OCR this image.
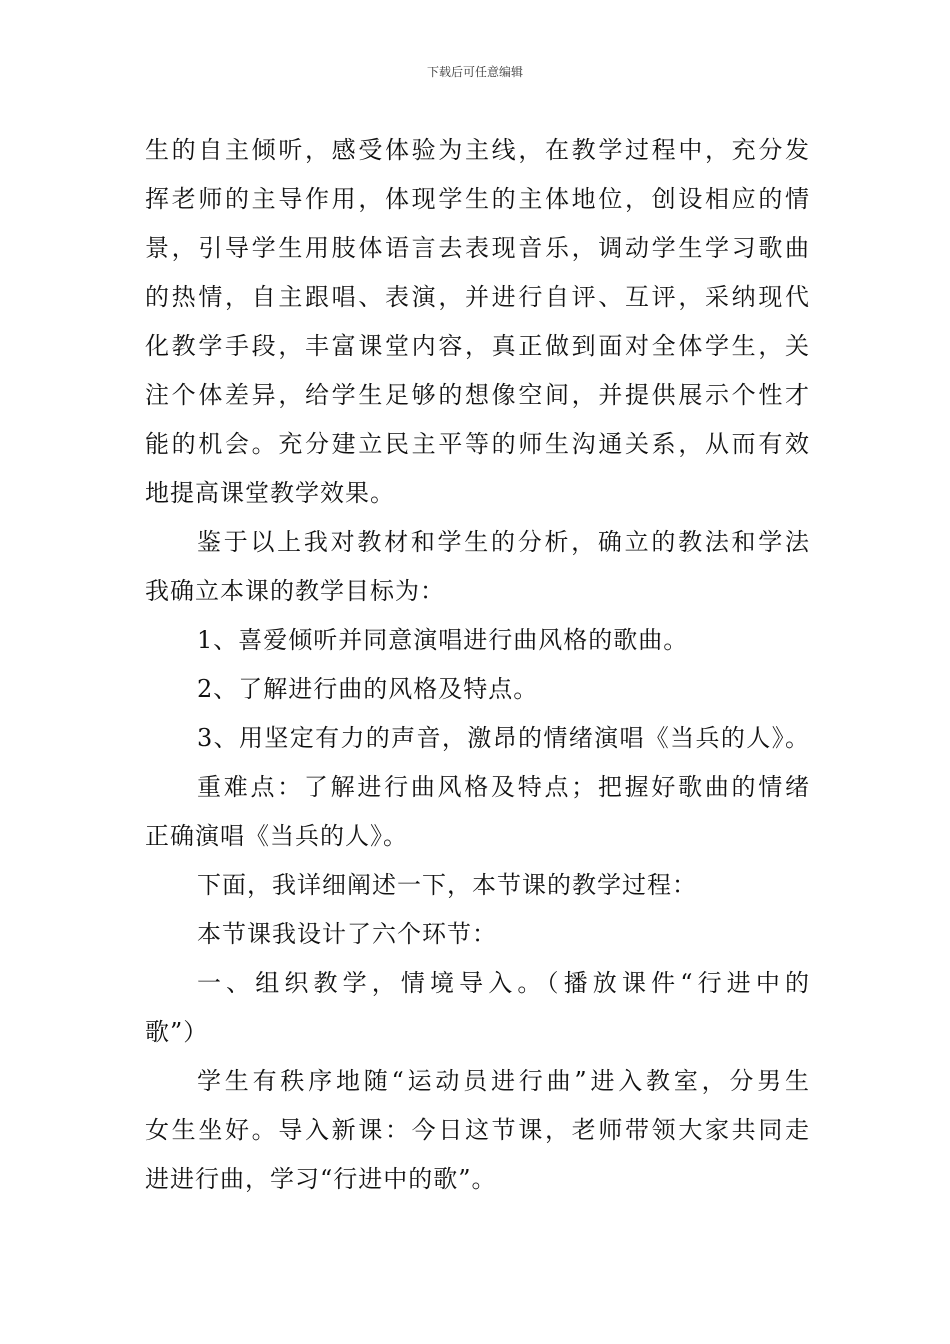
下载后可任意编辑
生的自主倾听，感受体验为主线，在教学过程中，充分发
挥老师的主导作用，体现学生的主体地位，创设相应的情
景，引导学生用肢体语言去表现音乐，调动学生学习歌曲
的热情，自主跟唱、表演，并进行自评、互评，采纳现代
化教学手段，丰富课堂内容，真正做到面对全体学生，关
注个体差异，给学生足够的想像空间，并提供展示个性才
能的机会。充分建立民主平等的师生沟通关系，从而有效
地提高课堂教学效果。
鉴于以上我对教材和学生的分析，确立的教法和学法
我确立本课的教学目标为：
1、喜爱倾听并同意演唱进行曲风格的歌曲。
2、了解进行曲的风格及特点。
3、用坚定有力的声音，激昂的情绪演唱《当兵的人》。
重难点：了解进行曲风格及特点；把握好歌曲的情绪
正确演唱《当兵的人》。
下面，我详细阐述一下，本节课的教学过程：
本节课我设计了六个环节：
一、组织教学，情境导入。（播放课件“行进中的
歌”）
学生有秩序地随“运动员进行曲”进入教室，分男生
女生坐好。导入新课：今日这节课，老师带领大家共同走
进进行曲，学习“行进中的歌”。
